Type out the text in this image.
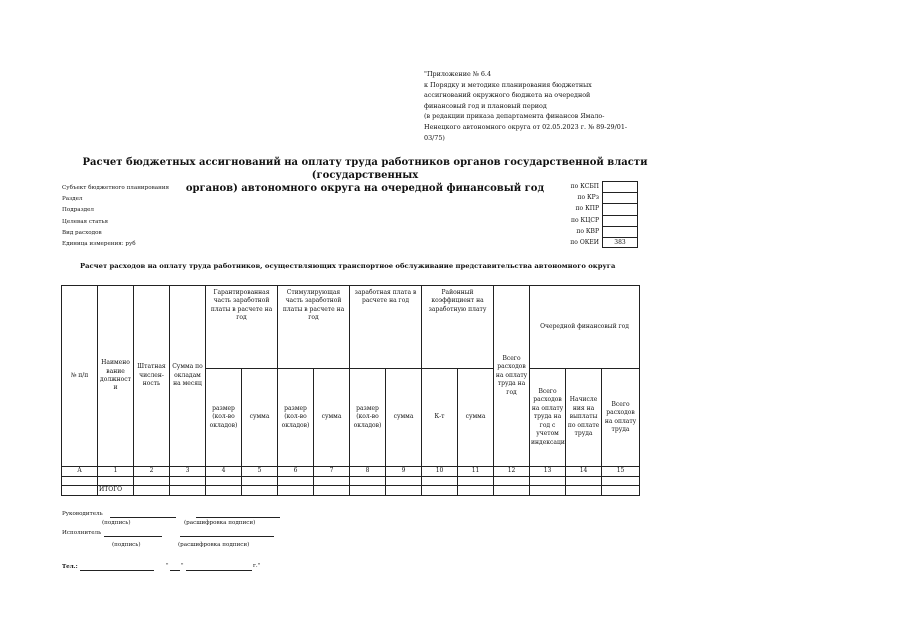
"Приложение № 6.4
к Порядку и методике планирования бюджетных
ассигнований окружного бюджета на очередной
финансовый год и плановый период
(в редакции приказа департамента финансов Ямало-
Ненецкого автономного округа от 02.05.2023 г. № 89-29/01-
03/75)
Расчет бюджетных ассигнований на оплату труда работников органов государственной власти (государственных
органов) автономного округа на очередной финансовый год
Субъект бюджетного планирования
Раздел
Подраздел
Целевая статья
Вид расходов
Единица измерения: руб
по КСБП
по КРз
по КПР
по КЦСР
по КВР
по ОКЕИ	383
Расчет расходов на оплату труда работников, осуществляющих транспортное обслуживание представительства автономного округа
№ п/п	Наимено вание должност и	Штатная числен-ность	Сумма по окладам на месяц	Гарантированная часть заработной платы в расчете на год		Стимулирующая часть заработной платы в расчете на год		заработная плата в расчете на год		Районный коэффициент на заработную плату		Всего расходов на оплату труда на год	Очередной финансовый год		
				размер (кол-во окладов)	сумма	размер (кол-во окладов)	сумма	размер (кол-во окладов)	сумма	К-т	сумма		Всего расходов на оплату труда на год с учетом индексаци	Начисле ния на выплаты по оплате труда	Всего расходов на оплату труда
А	1	2	3	4	5	6	7	8	9	10	11	12	13	14	15

	ИТОГО														
Руководитель
(подпись)	(расшифровка подписи)
Исполнитель
(подпись)	(расшифровка подписи)
Тел.:	" "	г."
